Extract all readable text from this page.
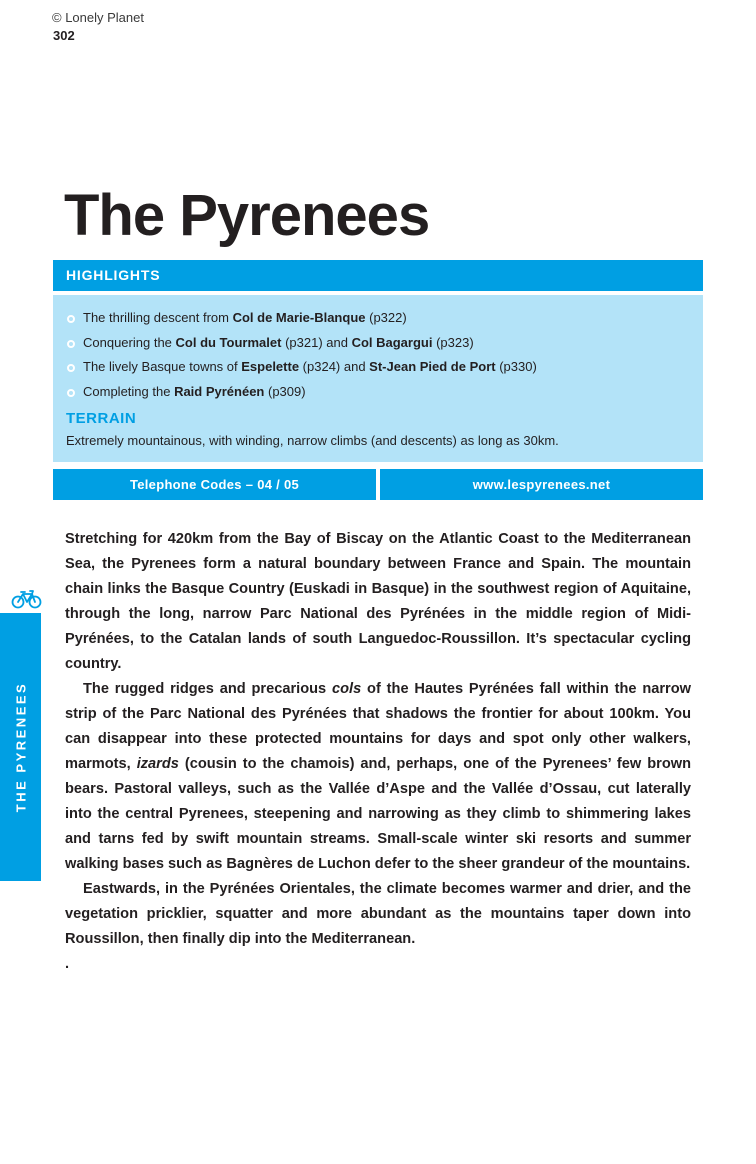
© Lonely Planet
302
The Pyrenees
HIGHLIGHTS
The thrilling descent from Col de Marie-Blanque (p322)
Conquering the Col du Tourmalet (p321) and Col Bagargui (p323)
The lively Basque towns of Espelette (p324) and St-Jean Pied de Port (p330)
Completing the Raid Pyrénéen (p309)
TERRAIN
Extremely mountainous, with winding, narrow climbs (and descents) as long as 30km.
Telephone Codes – 04 / 05	www.lespyrenees.net
THE PYRENEES

Stretching for 420km from the Bay of Biscay on the Atlantic Coast to the Mediterranean Sea, the Pyrenees form a natural boundary between France and Spain. The mountain chain links the Basque Country (Euskadi in Basque) in the southwest region of Aquitaine, through the long, narrow Parc National des Pyrénées in the middle region of Midi-Pyrénées, to the Catalan lands of south Languedoc-Roussillon. It’s spectacular cycling country.

The rugged ridges and precarious cols of the Hautes Pyrénées fall within the narrow strip of the Parc National des Pyrénées that shadows the frontier for about 100km. You can disappear into these protected mountains for days and spot only other walkers, marmots, izards (cousin to the chamois) and, perhaps, one of the Pyrenees’ few brown bears. Pastoral valleys, such as the Vallée d’Aspe and the Vallée d’Ossau, cut laterally into the central Pyrenees, steepening and narrowing as they climb to shimmering lakes and tarns fed by swift mountain streams. Small-scale winter ski resorts and summer walking bases such as Bagnères de Luchon defer to the sheer grandeur of the mountains.

Eastwards, in the Pyrénées Orientales, the climate becomes warmer and drier, and the vegetation pricklier, squatter and more abundant as the mountains taper down into Roussillon, then finally dip into the Mediterranean.

.
